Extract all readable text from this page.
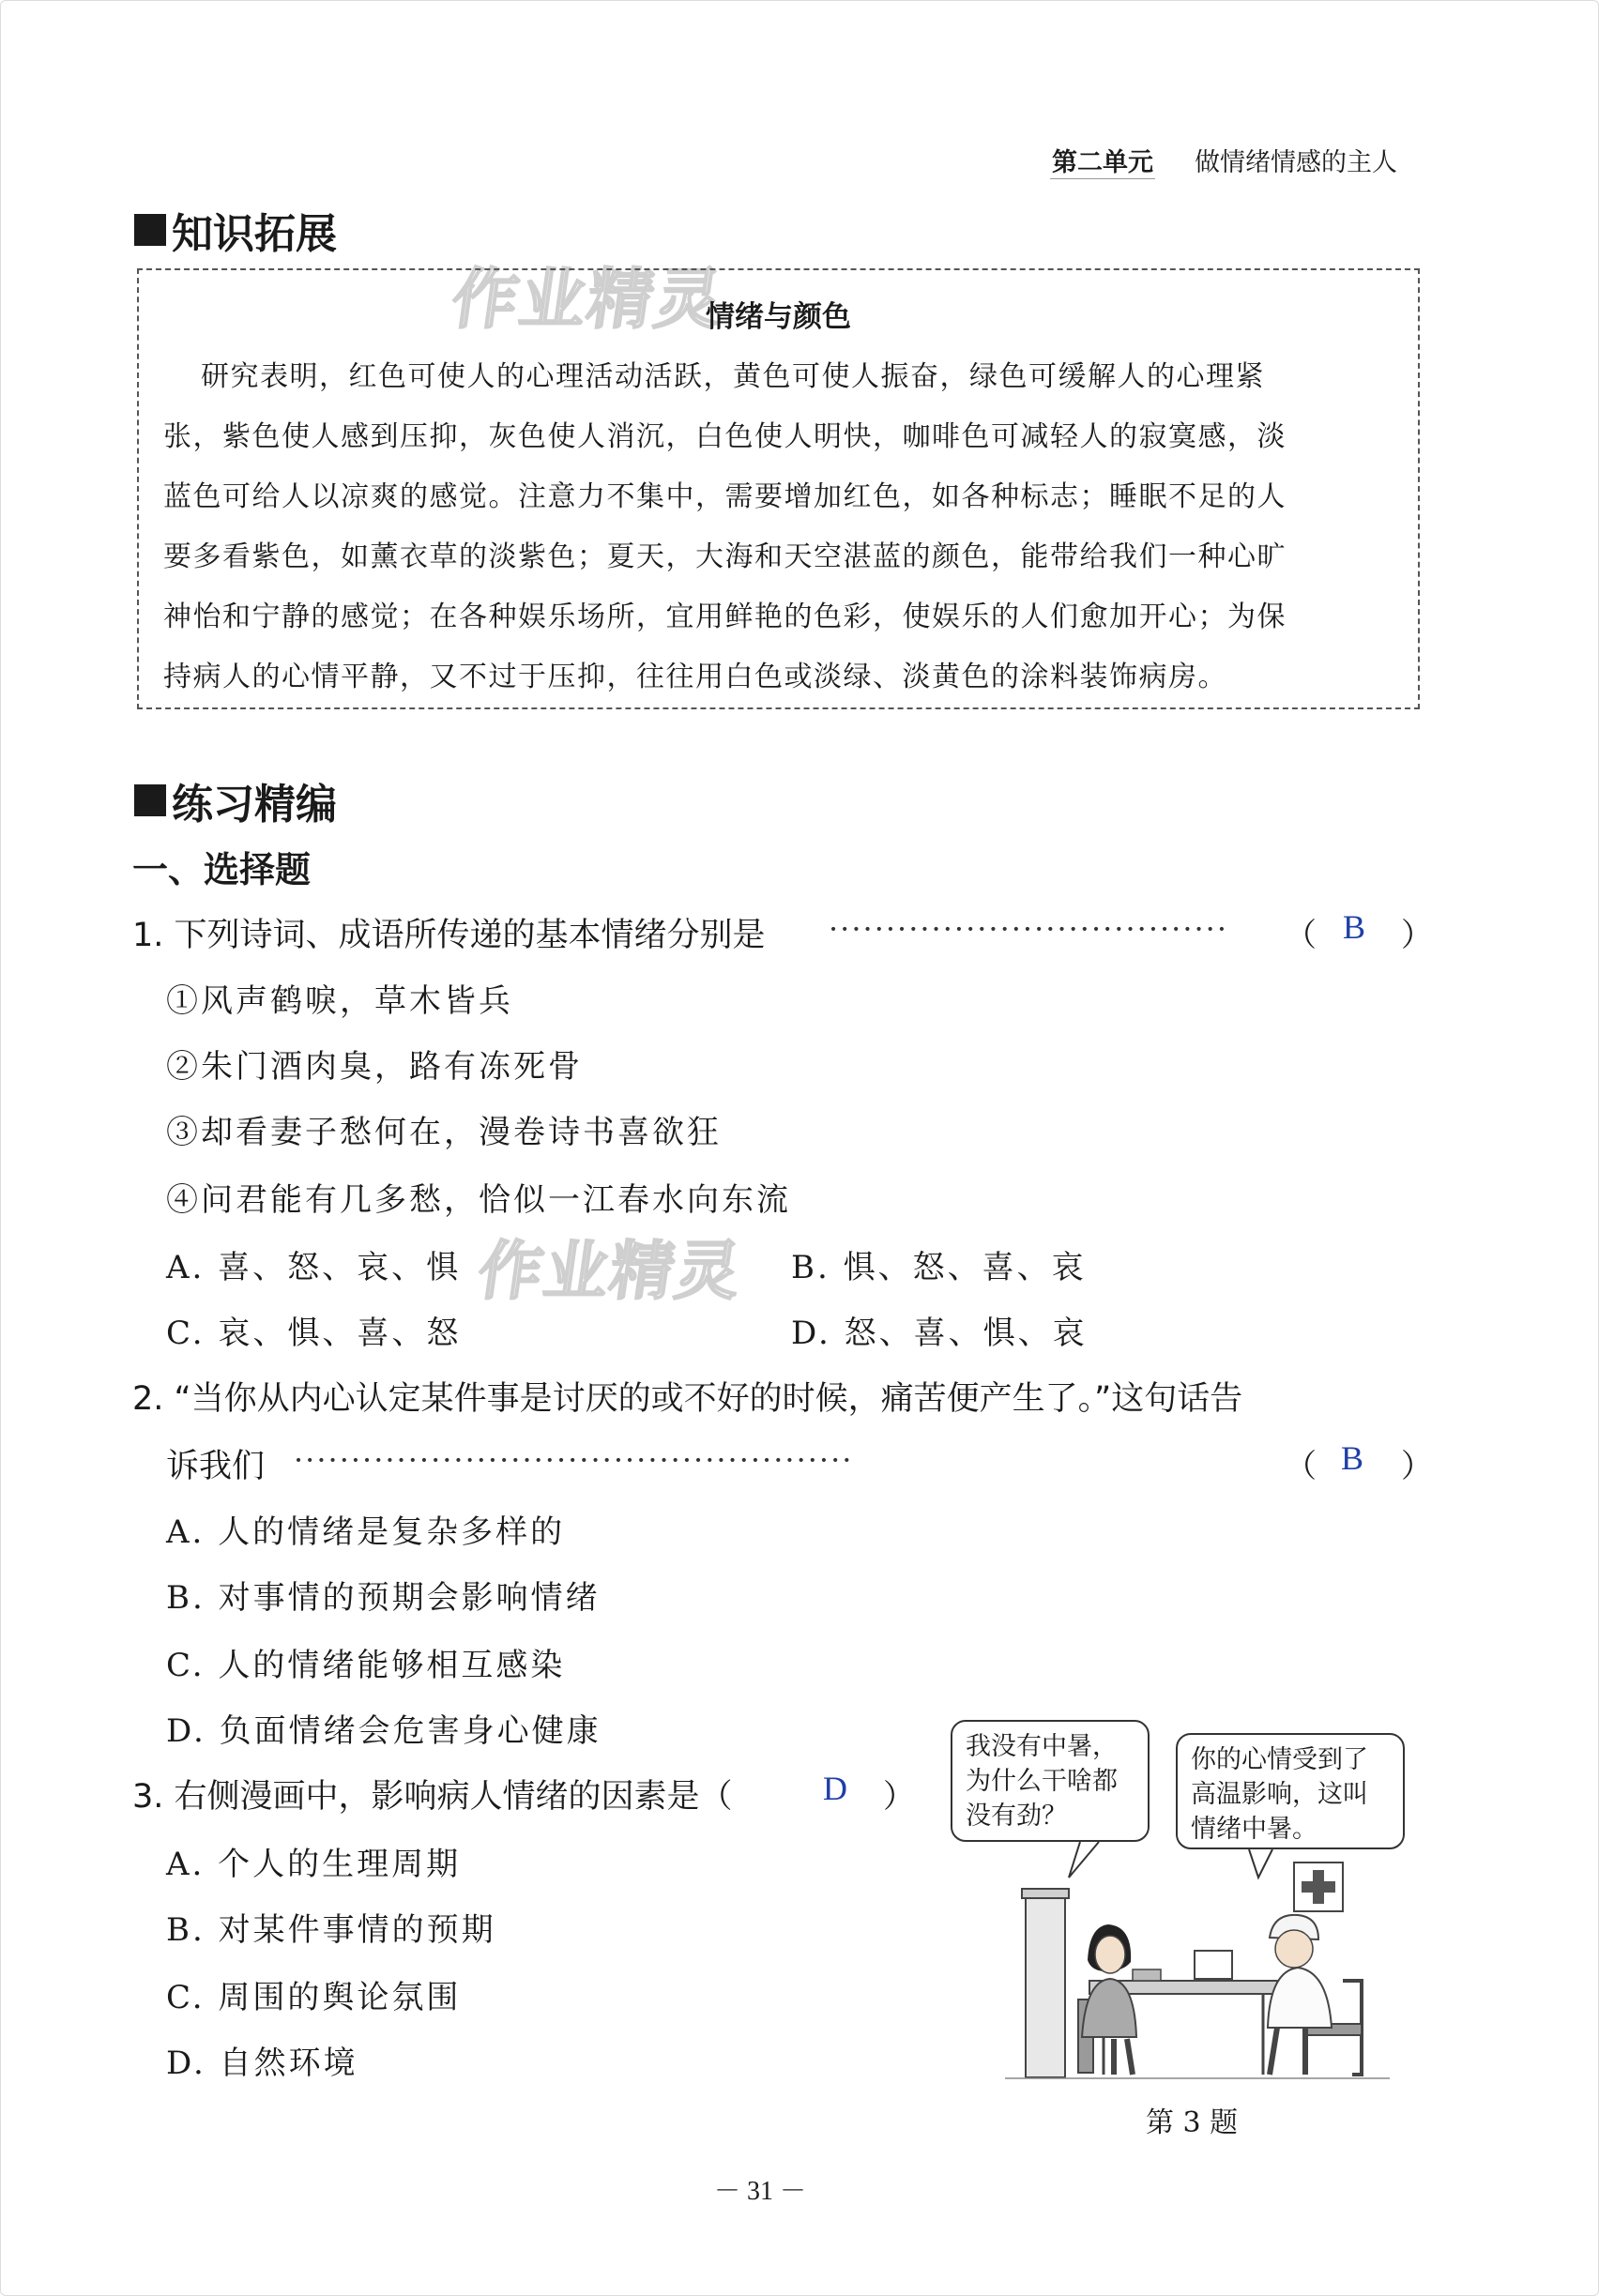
第二单元 做情绪情感的主人
知识拓展
作业精灵
情绪与颜色
研究表明，红色可使人的心理活动活跃，黄色可使人振奋，绿色可缓解人的心理紧
张，紫色使人感到压抑，灰色使人消沉，白色使人明快，咖啡色可减轻人的寂寞感，淡
蓝色可给人以凉爽的感觉。注意力不集中，需要增加红色，如各种标志；睡眠不足的人
要多看紫色，如薰衣草的淡紫色；夏天，大海和天空湛蓝的颜色，能带给我们一种心旷
神怡和宁静的感觉；在各种娱乐场所，宜用鲜艳的色彩，使娱乐的人们愈加开心；为保
持病人的心情平静，又不过于压抑，往往用白色或淡绿、淡黄色的涂料装饰病房。
练习精编
一、选择题
1. 下列诗词、成语所传递的基本情绪分别是 ··································· （ B ）
①风声鹤唳，草木皆兵
②朱门酒肉臭，路有冻死骨
③却看妻子愁何在，漫卷诗书喜欲狂
④问君能有几多愁，恰似一江春水向东流
A. 喜、怒、哀、惧 作业精灵 B. 惧、怒、喜、哀
C. 哀、惧、喜、怒	D. 怒、喜、惧、哀
2. “当你从内心认定某件事是讨厌的或不好的时候，痛苦便产生了。”这句话告
诉我们 ·················································	（ B ）
A. 人的情绪是复杂多样的
B. 对事情的预期会影响情绪
C. 人的情绪能够相互感染
D. 负面情绪会危害身心健康
3. 右侧漫画中，影响病人情绪的因素是（	D ）
A. 个人的生理周期
B. 对某件事情的预期
C. 周围的舆论氛围
D. 自然环境
我没有中暑，
为什么干啥都
没有劲？
你的心情受到了
高温影响，这叫
情绪中暑。
第 3 题
－ 31 －
